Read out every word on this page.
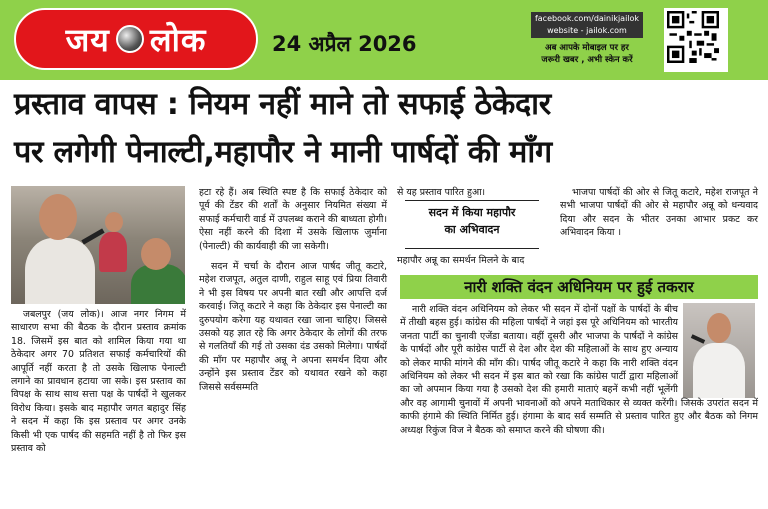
जय लोक	24 अप्रैल 2026
facebook.com/dainikjailok
website - jailok.com
अब आपके मोबाइल पर हर
जरूरी खबर , अभी स्केन करें
प्रस्ताव वापस : नियम नहीं माने तो सफाई ठेकेदार
पर लगेगी पेनाल्टी,महापौर ने मानी पार्षदों की माँग

जबलपुर (जय लोक)। आज नगर निगम में साधारण सभा की बैठक के दौरान प्रस्ताव क्रमांक 18. जिसमें इस बात को शामिल किया गया था ठेकेदार अगर 70 प्रतिशत सफाई कर्मचारियों की आपूर्ति नहीं करता है तो उसके खिलाफ पेनाल्टी लगाने का प्रावधान हटाया जा सके। इस प्रस्ताव का विपक्ष के साथ साथ सत्ता पक्ष के पार्षदों ने खुलकर विरोध किया। इसके बाद महापौर जगत बहादुर सिंह ने सदन में कहा कि इस प्रस्ताव पर अगर उनके किसी भी एक पार्षद की सहमति नहीं है तो फिर इस प्रस्ताव को

हटा रहे हैं। अब स्थिति स्पष्ट है कि सफाई ठेकेदार को पूर्व की टेंडर की शर्तों के अनुसार नियमित संख्या में सफाई कर्मचारी वार्ड में उपलब्ध कराने की बाध्यता होगी। ऐसा नहीं करने की दिशा में उसके खिलाफ जुर्माना (पेनाल्टी) की कार्यवाही की जा सकेगी।

सदन में चर्चा के दौरान आज पार्षद जीतू कटारे, महेश राजपूत, अतुल दाणी, राहुल साहू एवं प्रिया तिवारी ने भी इस विषय पर अपनी बात रखी और आपत्ति दर्ज करवाई। जितू कटारे ने कहा कि ठेकेदार इस पेनाल्टी का दुरुपयोग करेगा यह यथावत रखा जाना चाहिए। जिससे उसको यह ज्ञात रहे कि अगर ठेकेदार के लोगों की तरफ से गलतियाँ की गई तो उसका दंड उसको मिलेगा। पार्षदों की माँग पर महापौर अन्नू ने अपना समर्थन दिया और उन्होंने इस प्रस्ताव टेंडर को यथावत रखने को कहा जिससे सर्वसम्मति

से यह प्रस्ताव पारित हुआ।

सदन में किया महापौर
का अभिवादन

महापौर अन्नू का समर्थन मिलने के बाद

भाजपा पार्षदों की ओर से जितू कटारे, महेश राजपूत ने सभी भाजपा पार्षदों की ओर से महापौर अन्नू को धन्यवाद दिया और सदन के भीतर उनका आभार प्रकट कर अभिवादन किया ।

नारी शक्ति वंदन अधिनियम पर हुई तकरार

नारी शक्ति वंदन अधिनियम को लेकर भी सदन में दोनों पक्षों के पार्षदों के बीच में तीखी बहस हुई। कांग्रेस की महिला पार्षदों ने जहां इस पूरे अधिनियम को भारतीय जनता पार्टी का चुनावी एजेंडा बताया। वहीं दूसरी और भाजपा के पार्षदों ने कांग्रेस के पार्षदों और पूरी कांग्रेस पार्टी से देश और देश की महिलाओं के साथ हुए अन्याय को लेकर माफी मांगने की माँग की। पार्षद जीतू कटारे ने कहा कि नारी शक्ति वंदन अधिनियम को लेकर भी सदन में इस बात को रखा कि कांग्रेस पार्टी द्वारा महिलाओं का जो अपमान किया गया है उसको देश की हमारी माताएं बहनें कभी नहीं भूलेंगी और वह आगामी चुनावों में अपनी भावनाओं को अपने मताधिकार से व्यक्त करेंगी। जिसके उपरांत सदन में काफी हंगामे की स्थिति निर्मित हुई। हंगामा के बाद सर्व सम्मति से प्रस्ताव पारित हुए और बैठक को निगम अध्यक्ष रिकुंज विज ने बैठक को समाप्त करने की घोषणा की।
